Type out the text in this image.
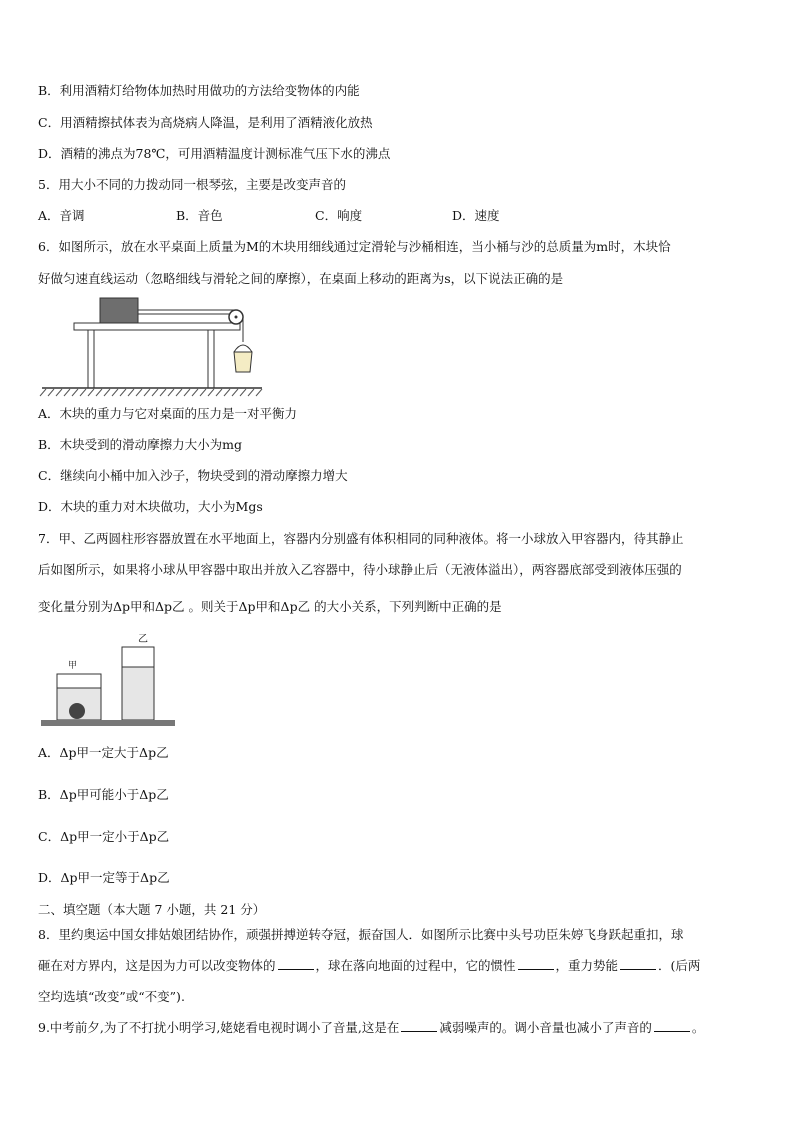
B．利用酒精灯给物体加热时用做功的方法给变物体的内能
C．用酒精擦拭体表为高烧病人降温，是利用了酒精液化放热
D．酒精的沸点为78℃，可用酒精温度计测标准气压下水的沸点
5．用大小不同的力拨动同一根琴弦，主要是改变声音的
A．音调	B．音色	C．响度	D．速度
6．如图所示，放在水平桌面上质量为M的木块用细线通过定滑轮与沙桶相连，当小桶与沙的总质量为m时，木块恰
好做匀速直线运动（忽略细线与滑轮之间的摩擦），在桌面上移动的距离为s，以下说法正确的是
A．木块的重力与它对桌面的压力是一对平衡力
B．木块受到的滑动摩擦力大小为mg
C．继续向小桶中加入沙子，物块受到的滑动摩擦力增大
D．木块的重力对木块做功，大小为Mgs
7．甲、乙两圆柱形容器放置在水平地面上，容器内分别盛有体积相同的同种液体。将一小球放入甲容器内，待其静止
后如图所示，如果将小球从甲容器中取出并放入乙容器中，待小球静止后（无液体溢出），两容器底部受到液体压强的
变化量分别为Δp甲和Δp乙 。则关于Δp甲和Δp乙 的大小关系，下列判断中正确的是
甲
乙
A．Δp甲一定大于Δp乙
B．Δp甲可能小于Δp乙
C．Δp甲一定小于Δp乙
D．Δp甲一定等于Δp乙
二、填空题（本大题 7 小题，共 21 分）
8．里约奥运中国女排姑娘团结协作，顽强拼搏逆转夺冠，振奋国人．如图所示比赛中头号功臣朱婷飞身跃起重扣，球
砸在对方界内，这是因为力可以改变物体的	，球在落向地面的过程中，它的惯性	，重力势能	．(后两
空均选填“改变”或“不变”).
9.中考前夕,为了不打扰小明学习,姥姥看电视时调小了音量,这是在	减弱噪声的。调小音量也减小了声音的	。
